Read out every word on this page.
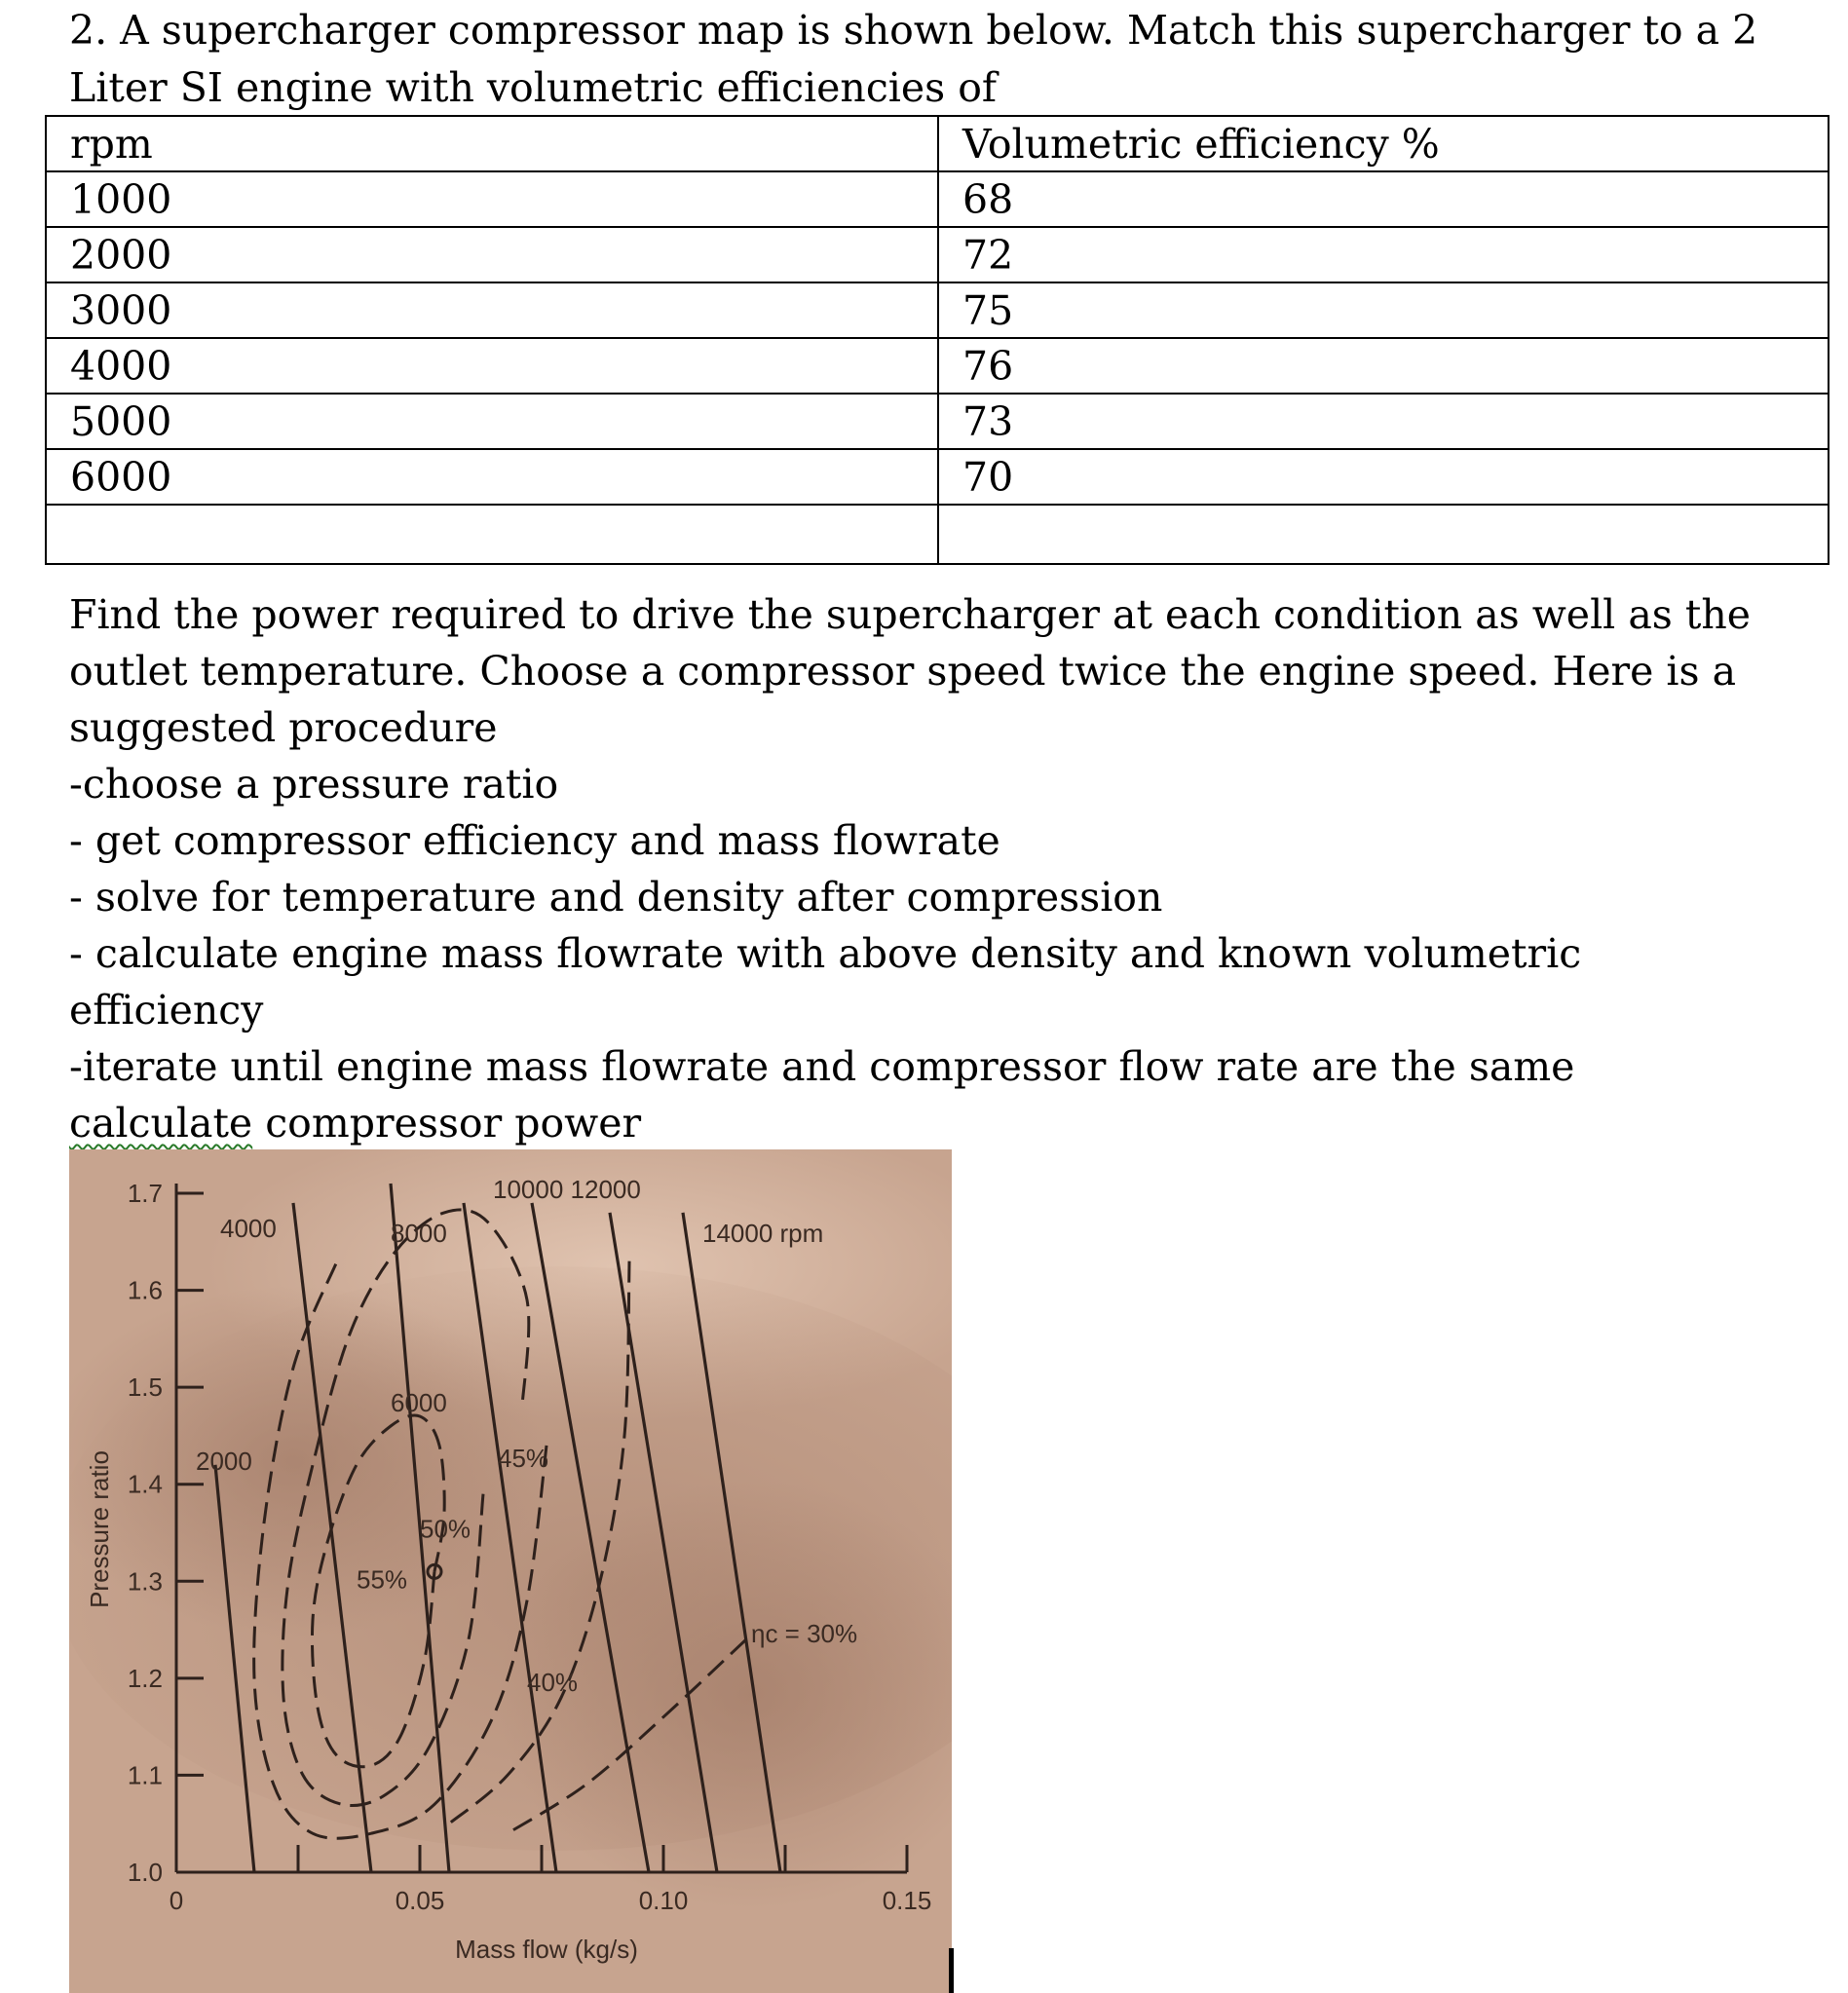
2. A supercharger compressor map is shown below. Match this supercharger to a 2
Liter SI engine with volumetric efficiencies of
rpm	Volumetric efficiency %
1000	68
2000	72
3000	75
4000	76
5000	73
6000	70

Find the power required to drive the supercharger at each condition as well as the
outlet temperature. Choose a compressor speed twice the engine speed. Here is a
suggested procedure
-choose a pressure ratio
- get compressor efficiency and mass flowrate
- solve for temperature and density after compression
- calculate engine mass flowrate with above density and known volumetric
efficiency
-iterate until engine mass flowrate and compressor flow rate are the same
calculate compressor power
1.0
1.1
1.2
1.3
1.4
1.5
1.6
1.7
0	0.05	0.10	0.15
Mass flow (kg/s)
Pressure ratio	2000
4000
6000
8000
10000 12000
14000 rpm
55%
50%
45%
40%
ηc = 30%
